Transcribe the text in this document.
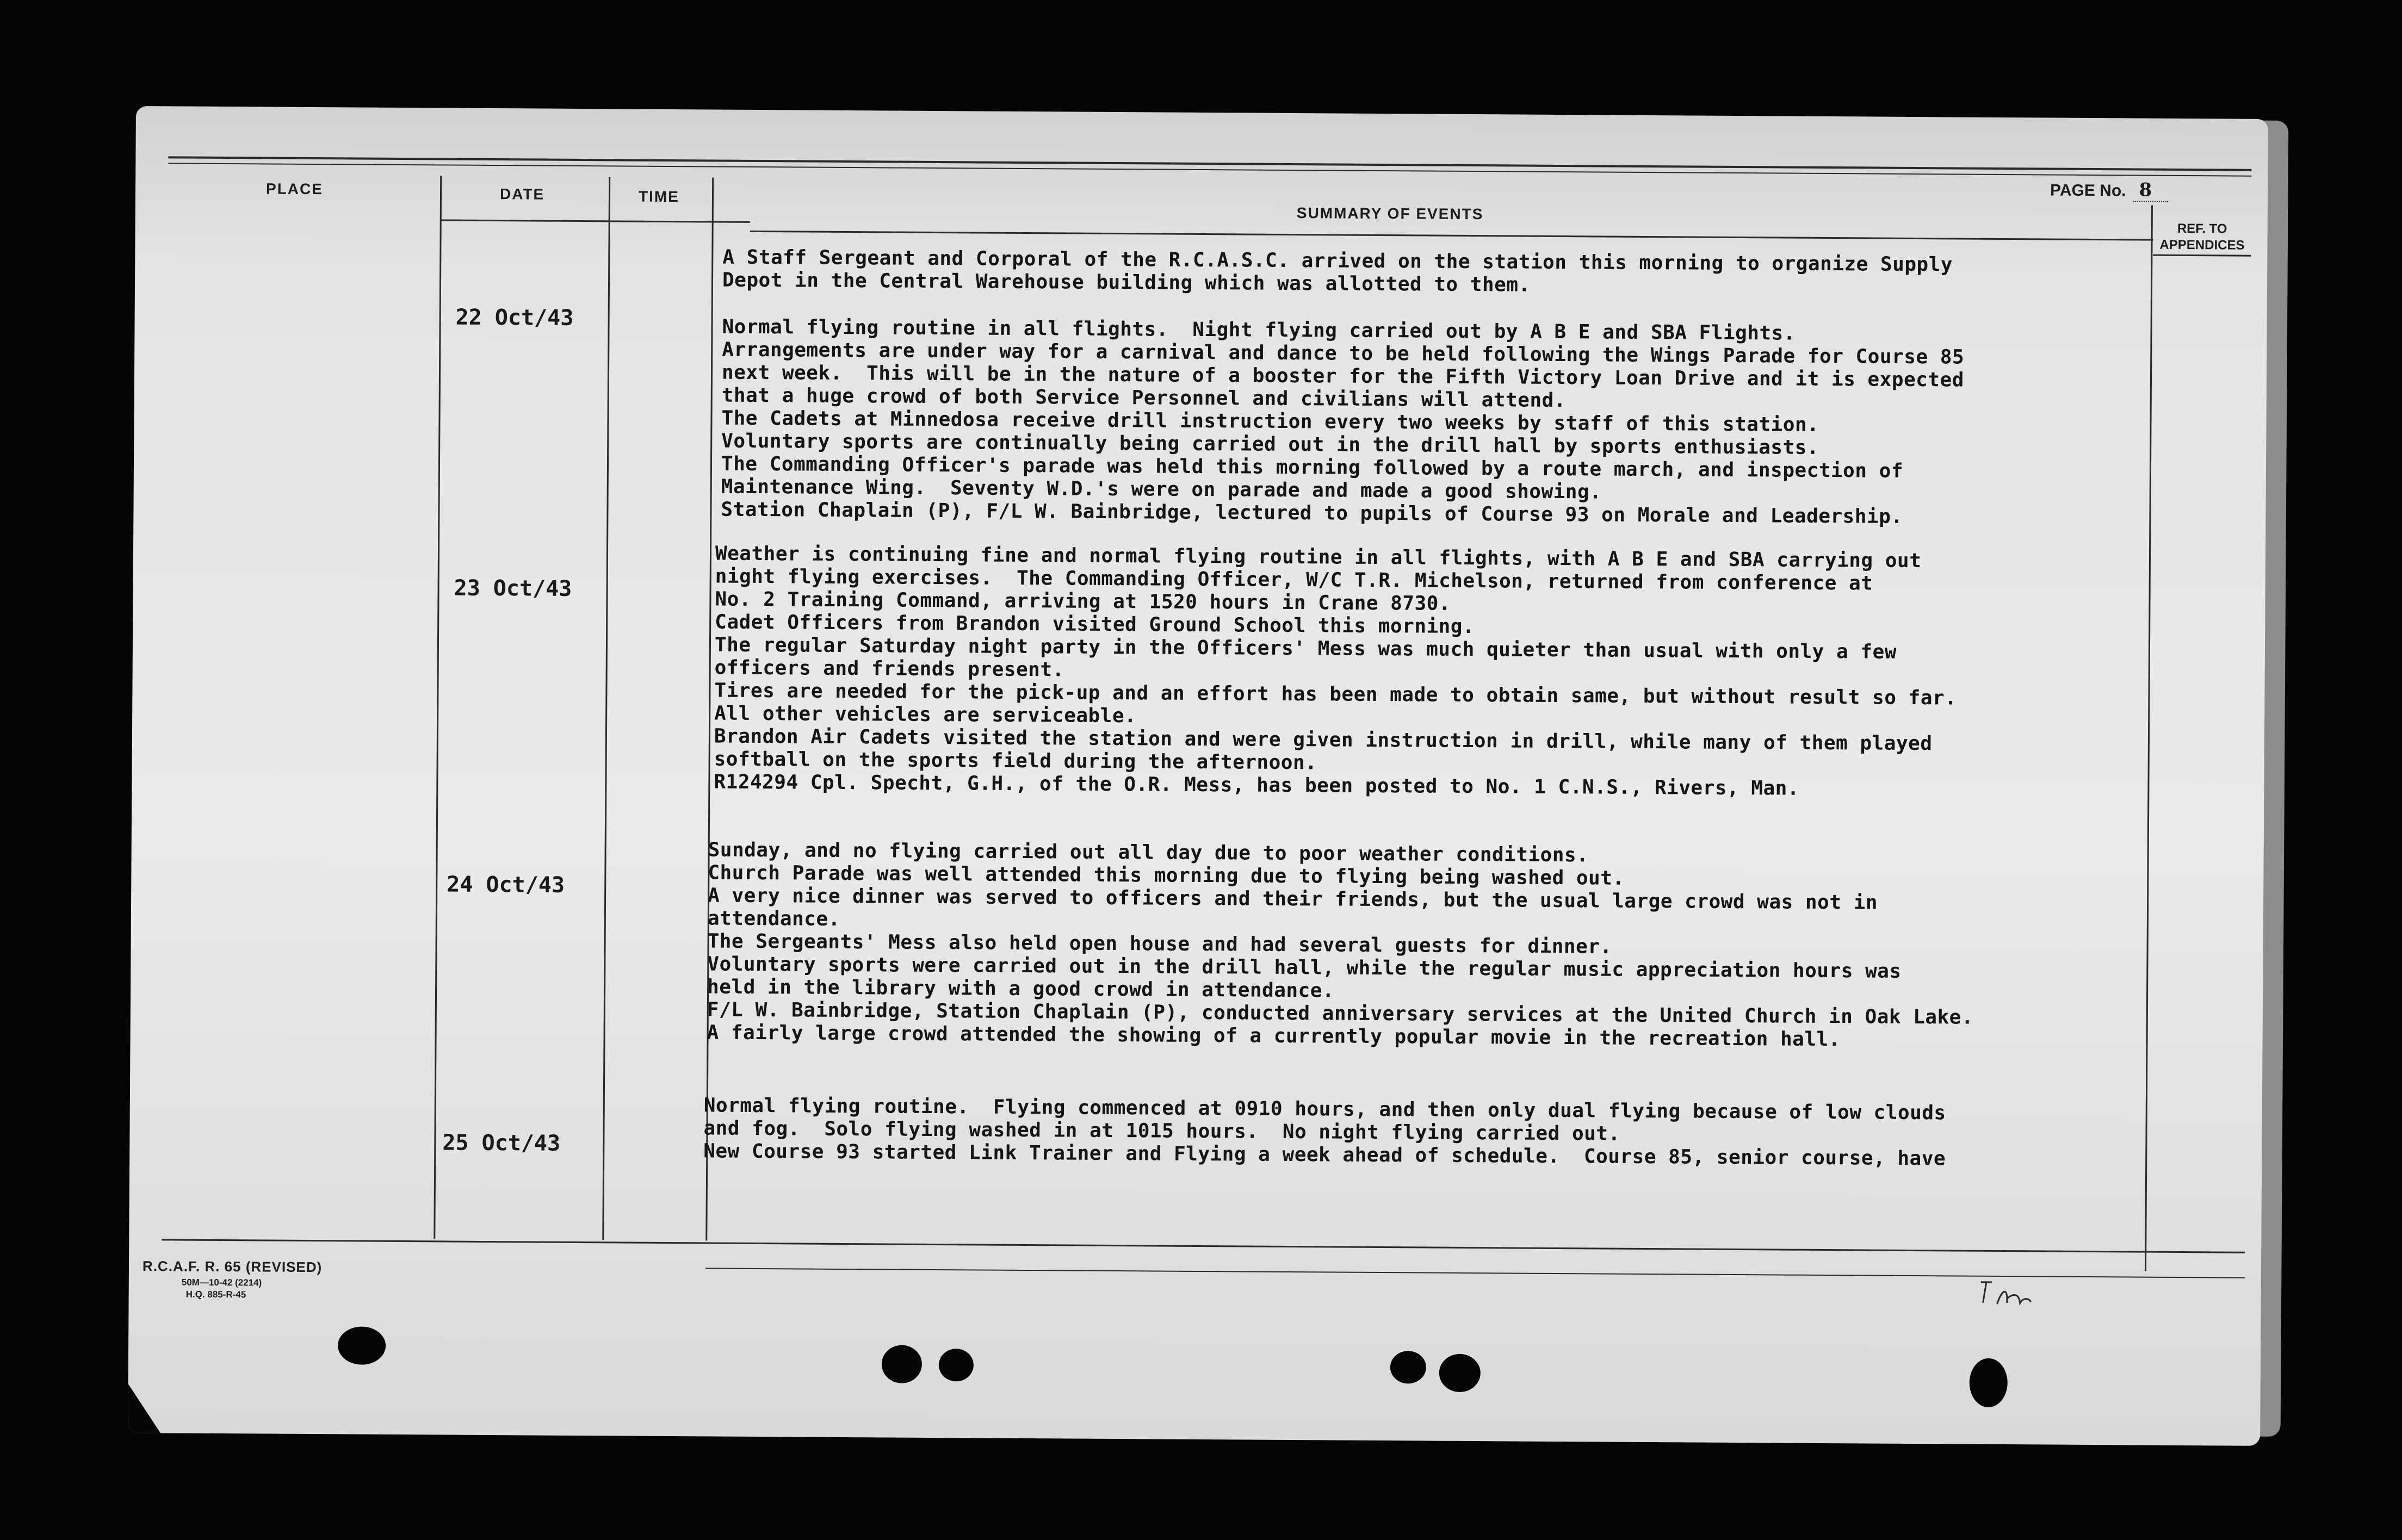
PLACE	DATE	TIME
SUMMARY OF EVENTS
PAGE No. 8
REF. TO
APPENDICES
22 Oct/43
23 Oct/43
24 Oct/43
25 Oct/43
A Staff Sergeant and Corporal of the R.C.A.S.C. arrived on the station this morning to organize Supply
Depot in the Central Warehouse building which was allotted to them.
Normal flying routine in all flights.  Night flying carried out by A B E and SBA Flights.
Arrangements are under way for a carnival and dance to be held following the Wings Parade for Course 85
next week.  This will be in the nature of a booster for the Fifth Victory Loan Drive and it is expected
that a huge crowd of both Service Personnel and civilians will attend.
The Cadets at Minnedosa receive drill instruction every two weeks by staff of this station.
Voluntary sports are continually being carried out in the drill hall by sports enthusiasts.
The Commanding Officer's parade was held this morning followed by a route march, and inspection of
Maintenance Wing.  Seventy W.D.'s were on parade and made a good showing.
Station Chaplain (P), F/L W. Bainbridge, lectured to pupils of Course 93 on Morale and Leadership.
Weather is continuing fine and normal flying routine in all flights, with A B E and SBA carrying out
night flying exercises.  The Commanding Officer, W/C T.R. Michelson, returned from conference at
No. 2 Training Command, arriving at 1520 hours in Crane 8730.
Cadet Officers from Brandon visited Ground School this morning.
The regular Saturday night party in the Officers' Mess was much quieter than usual with only a few
officers and friends present.
Tires are needed for the pick-up and an effort has been made to obtain same, but without result so far.
All other vehicles are serviceable.
Brandon Air Cadets visited the station and were given instruction in drill, while many of them played
softball on the sports field during the afternoon.
R124294 Cpl. Specht, G.H., of the O.R. Mess, has been posted to No. 1 C.N.S., Rivers, Man.
Sunday, and no flying carried out all day due to poor weather conditions.
Church Parade was well attended this morning due to flying being washed out.
A very nice dinner was served to officers and their friends, but the usual large crowd was not in
attendance.
The Sergeants' Mess also held open house and had several guests for dinner.
Voluntary sports were carried out in the drill hall, while the regular music appreciation hours was
held in the library with a good crowd in attendance.
F/L W. Bainbridge, Station Chaplain (P), conducted anniversary services at the United Church in Oak Lake.
A fairly large crowd attended the showing of a currently popular movie in the recreation hall.
Normal flying routine.  Flying commenced at 0910 hours, and then only dual flying because of low clouds
and fog.  Solo flying washed in at 1015 hours.  No night flying carried out.
New Course 93 started Link Trainer and Flying a week ahead of schedule.  Course 85, senior course, have
R.C.A.F. R. 65 (REVISED)
50M—10-42 (2214)
H.Q. 885-R-45
